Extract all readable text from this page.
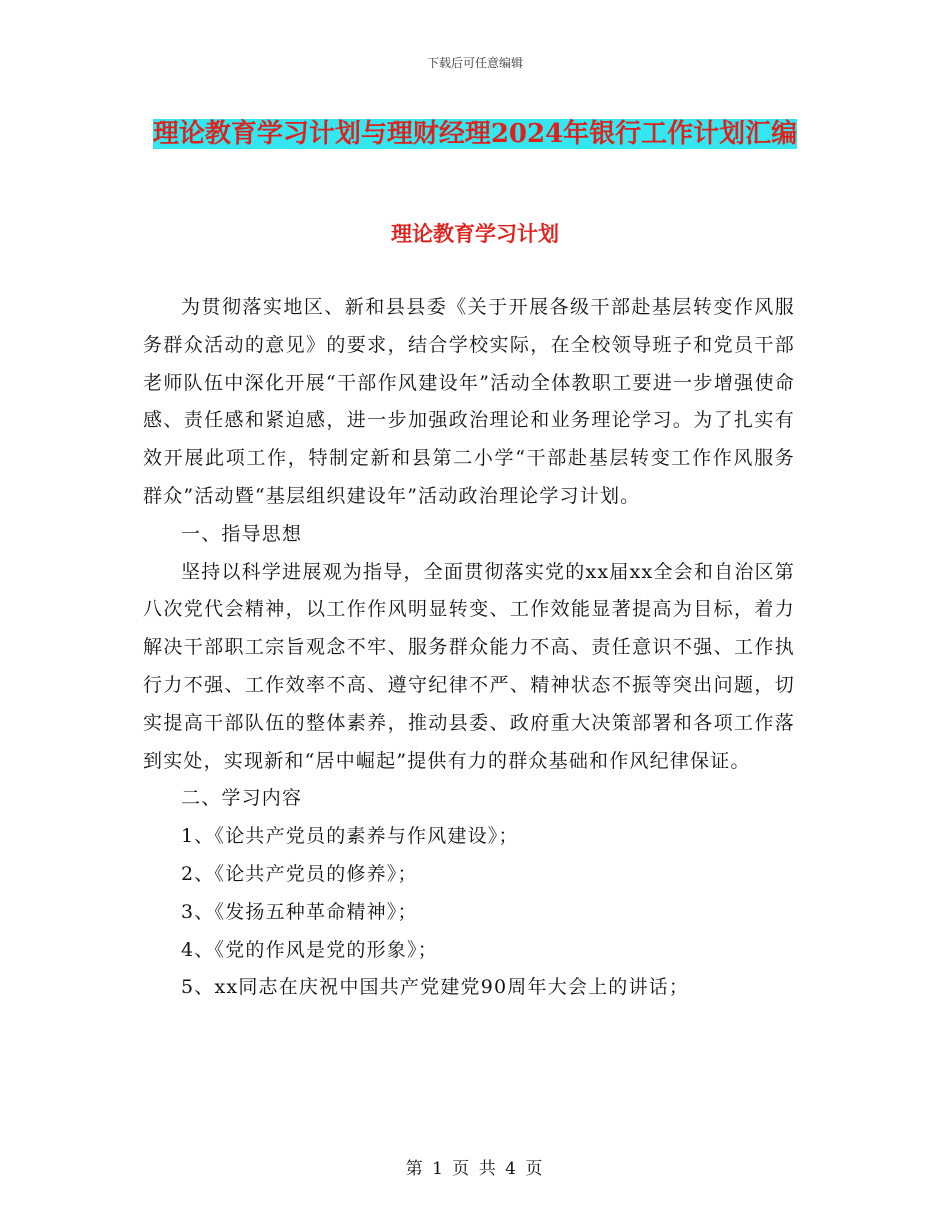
下载后可任意编辑
理论教育学习计划与理财经理2024年银行工作计划汇编
理论教育学习计划

为贯彻落实地区、新和县县委《关于开展各级干部赴基层转变作风服务群众活动的意见》的要求，结合学校实际，在全校领导班子和党员干部老师队伍中深化开展“干部作风建设年”活动全体教职工要进一步增强使命感、责任感和紧迫感，进一步加强政治理论和业务理论学习。为了扎实有效开展此项工作，特制定新和县第二小学“干部赴基层转变工作作风服务群众”活动暨“基层组织建设年”活动政治理论学习计划。

一、指导思想

坚持以科学进展观为指导，全面贯彻落实党的xx届xx全会和自治区第八次党代会精神，以工作作风明显转变、工作效能显著提高为目标，着力解决干部职工宗旨观念不牢、服务群众能力不高、责任意识不强、工作执行力不强、工作效率不高、遵守纪律不严、精神状态不振等突出问题，切实提高干部队伍的整体素养，推动县委、政府重大决策部署和各项工作落到实处，实现新和“居中崛起”提供有力的群众基础和作风纪律保证。

二、学习内容

1、《论共产党员的素养与作风建设》；

2、《论共产党员的修养》；

3、《发扬五种革命精神》；

4、《党的作风是党的形象》；

5、xx同志在庆祝中国共产党建党90周年大会上的讲话；

第 1 页 共 4 页
